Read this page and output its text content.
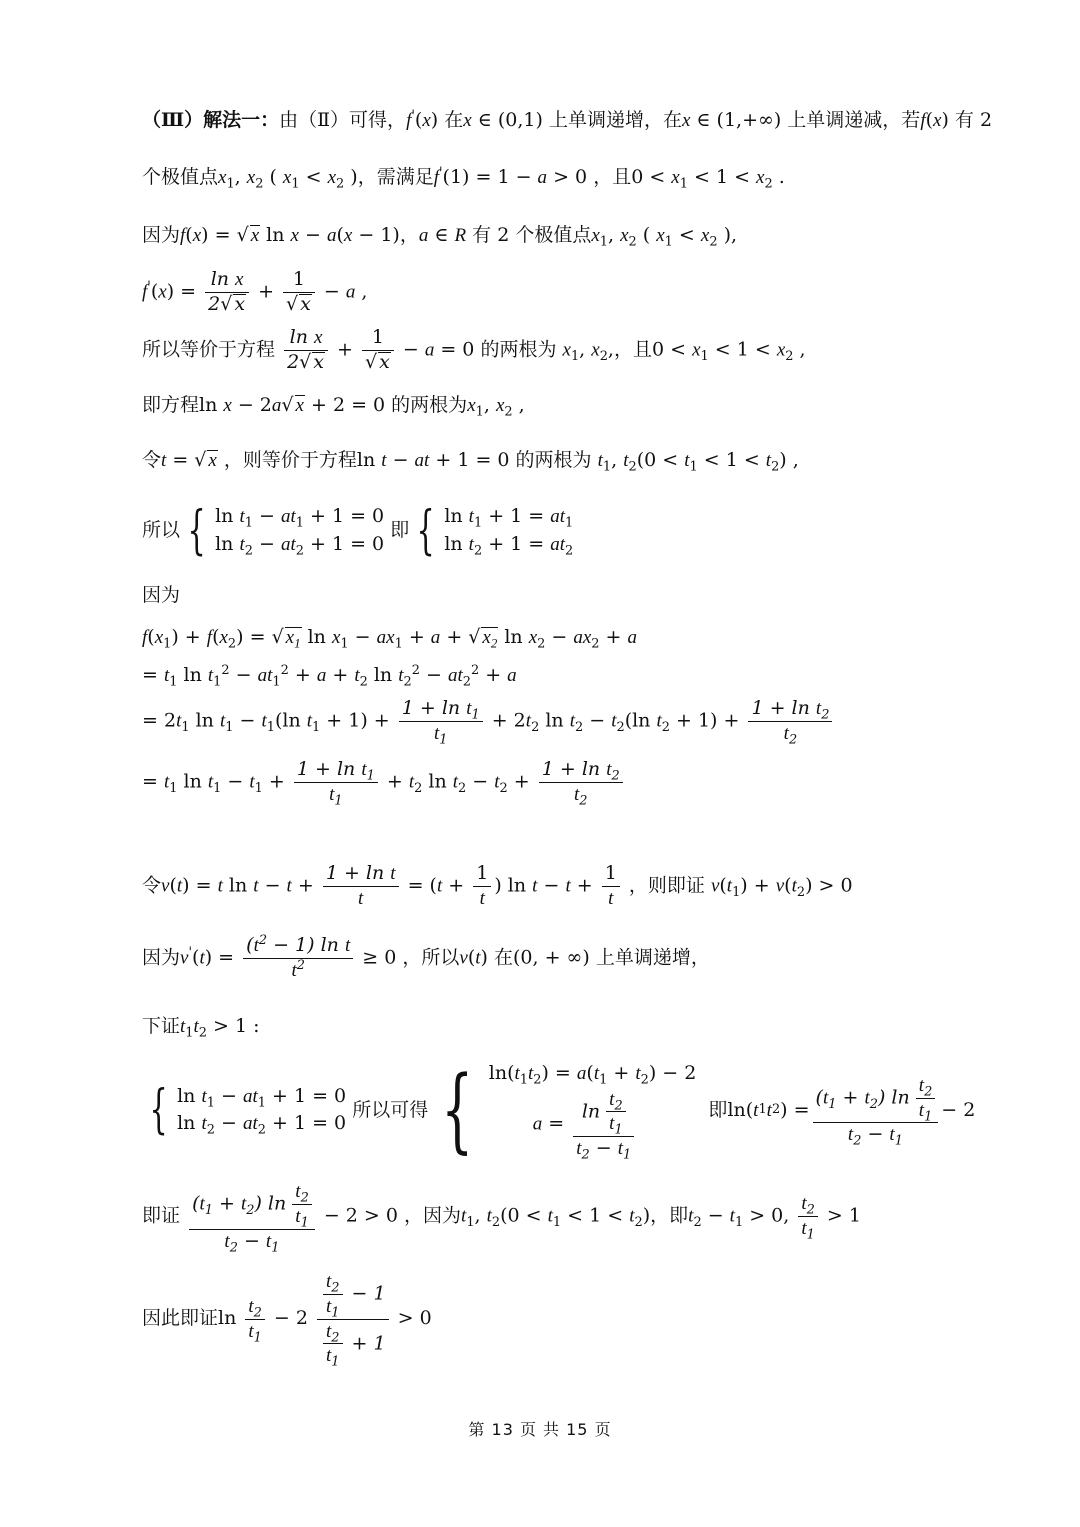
（Ⅲ）解法一：由（Ⅱ）可得，f'(x) 在x ∈ (0,1) 上单调递增，在x ∈ (1,+∞) 上单调递减，若f(x) 有 2
个极值点$x_1$, $x_2$ ( $x_1 < x_2$ )，需满足f'(1) = 1 − a > 0 ，且$0 < x_1 < 1 < x_2$ .
因为f(x) = √ x ln x − a(x − 1)，a ∈ R 有 2 个极值点$x_1$, $x_2$ ( $x_1 < x_2$ ),
$f'(x) = \frac{\text{ln x}}{2√ x} + \frac{1}{√ x} - a$ ,
所以等价于方程 $\frac{\text{ln x}}{2√ x} + \frac{1}{√ x} - a = 0$ 的两根为 $x_1$, $x_2$,，且$0 < x_1 < 1 < x_2$ ,
即方程ln x − 2a√ x + 2 = 0 的两根为$x_1$, $x_2$ ,
令t = √ x ，则等价于方程ln t − at + 1 = 0 的两根为 $t_1$, $t_2(0 < t_1 < 1 < t_2)$ ,
所以 { $\ln t_1 - at_1 + 1 = 0$
$\ln t_2 - at_2 + 1 = 0$

即 { $\ln t_1 + 1 = at_1$
$\ln t_2 + 1 = at_2$
因为
$f(x_1) + f(x_2)$ = √ $x_1$ $\ln x_1 - ax_1 + a$ + √ $x_2$ $\ln x_2 - ax_2 + a$
= $t_1$ $\ln t_1^2 - at_1^2 + a + t_2$ $\ln t_2^2 - at_2^2 + a$
= $2t_1$ $\ln t_1 - t_1(\ln$ $t_1 + 1) + \frac{1 + \ln t_1}{t_1} + 2t_2$ $\ln t_2 - t_2(\ln$ $t_2 + 1) + \frac{1 + \ln t_2}{t_2}$
= $t_1$ $\ln t_1 - t_1 + \frac{1 + \ln t_1}{t_1} + t_2$ $\ln t_2 - t_2 + \frac{1 + \ln t_2}{t_2}$
令v(t) = t $\ln t - t + \frac{\text{1 + ln t}}{t} = (t + \frac{1}{t}$ ) $\ln t - t + \frac{1}{t}$ ，则即证 $v(t_1) + v(t_2) > 0$
因为$v'(t) = \frac{(t^2 - 1) \ln t}{t^2} \ge 0$ ，所以v(t) 在(0, + ∞) 上单调递增，
下证$t_1t_2 > 1$ :
{ $\ln t_1 - at_1 + 1 = 0$
$\ln t_2 - at_2 + 1 = 0$

所以可得 { $\ln(t_1t_2) = a(t_1 + t_2) - 2$
$a = \frac{\ln \frac{t_2}{t_1}}{t_2 - t_1}$
	即 ln( t 1 t 2 ) = $\frac{(t_1 + t_2) \ln \frac{t_2}{t_1}}{t_2 - t_1} - 2$
即证 $\frac{(t_1 + t_2) \ln \frac{t_2}{t_1}}{t_2 - t_1} - 2 > 0$ ，因为$t_1$, $t_2(0 < t_1 < 1 < t_2)$，即$t_2 - t_1 > 0$, $\frac{t_2}{t_1} > 1$
因此即证$\ln \frac{t_2}{t_1} - 2 \frac{\frac{t_2}{t_1} - 1}{\frac{t_2}{t_1} + 1} > 0$
第 13 页 共 15 页
